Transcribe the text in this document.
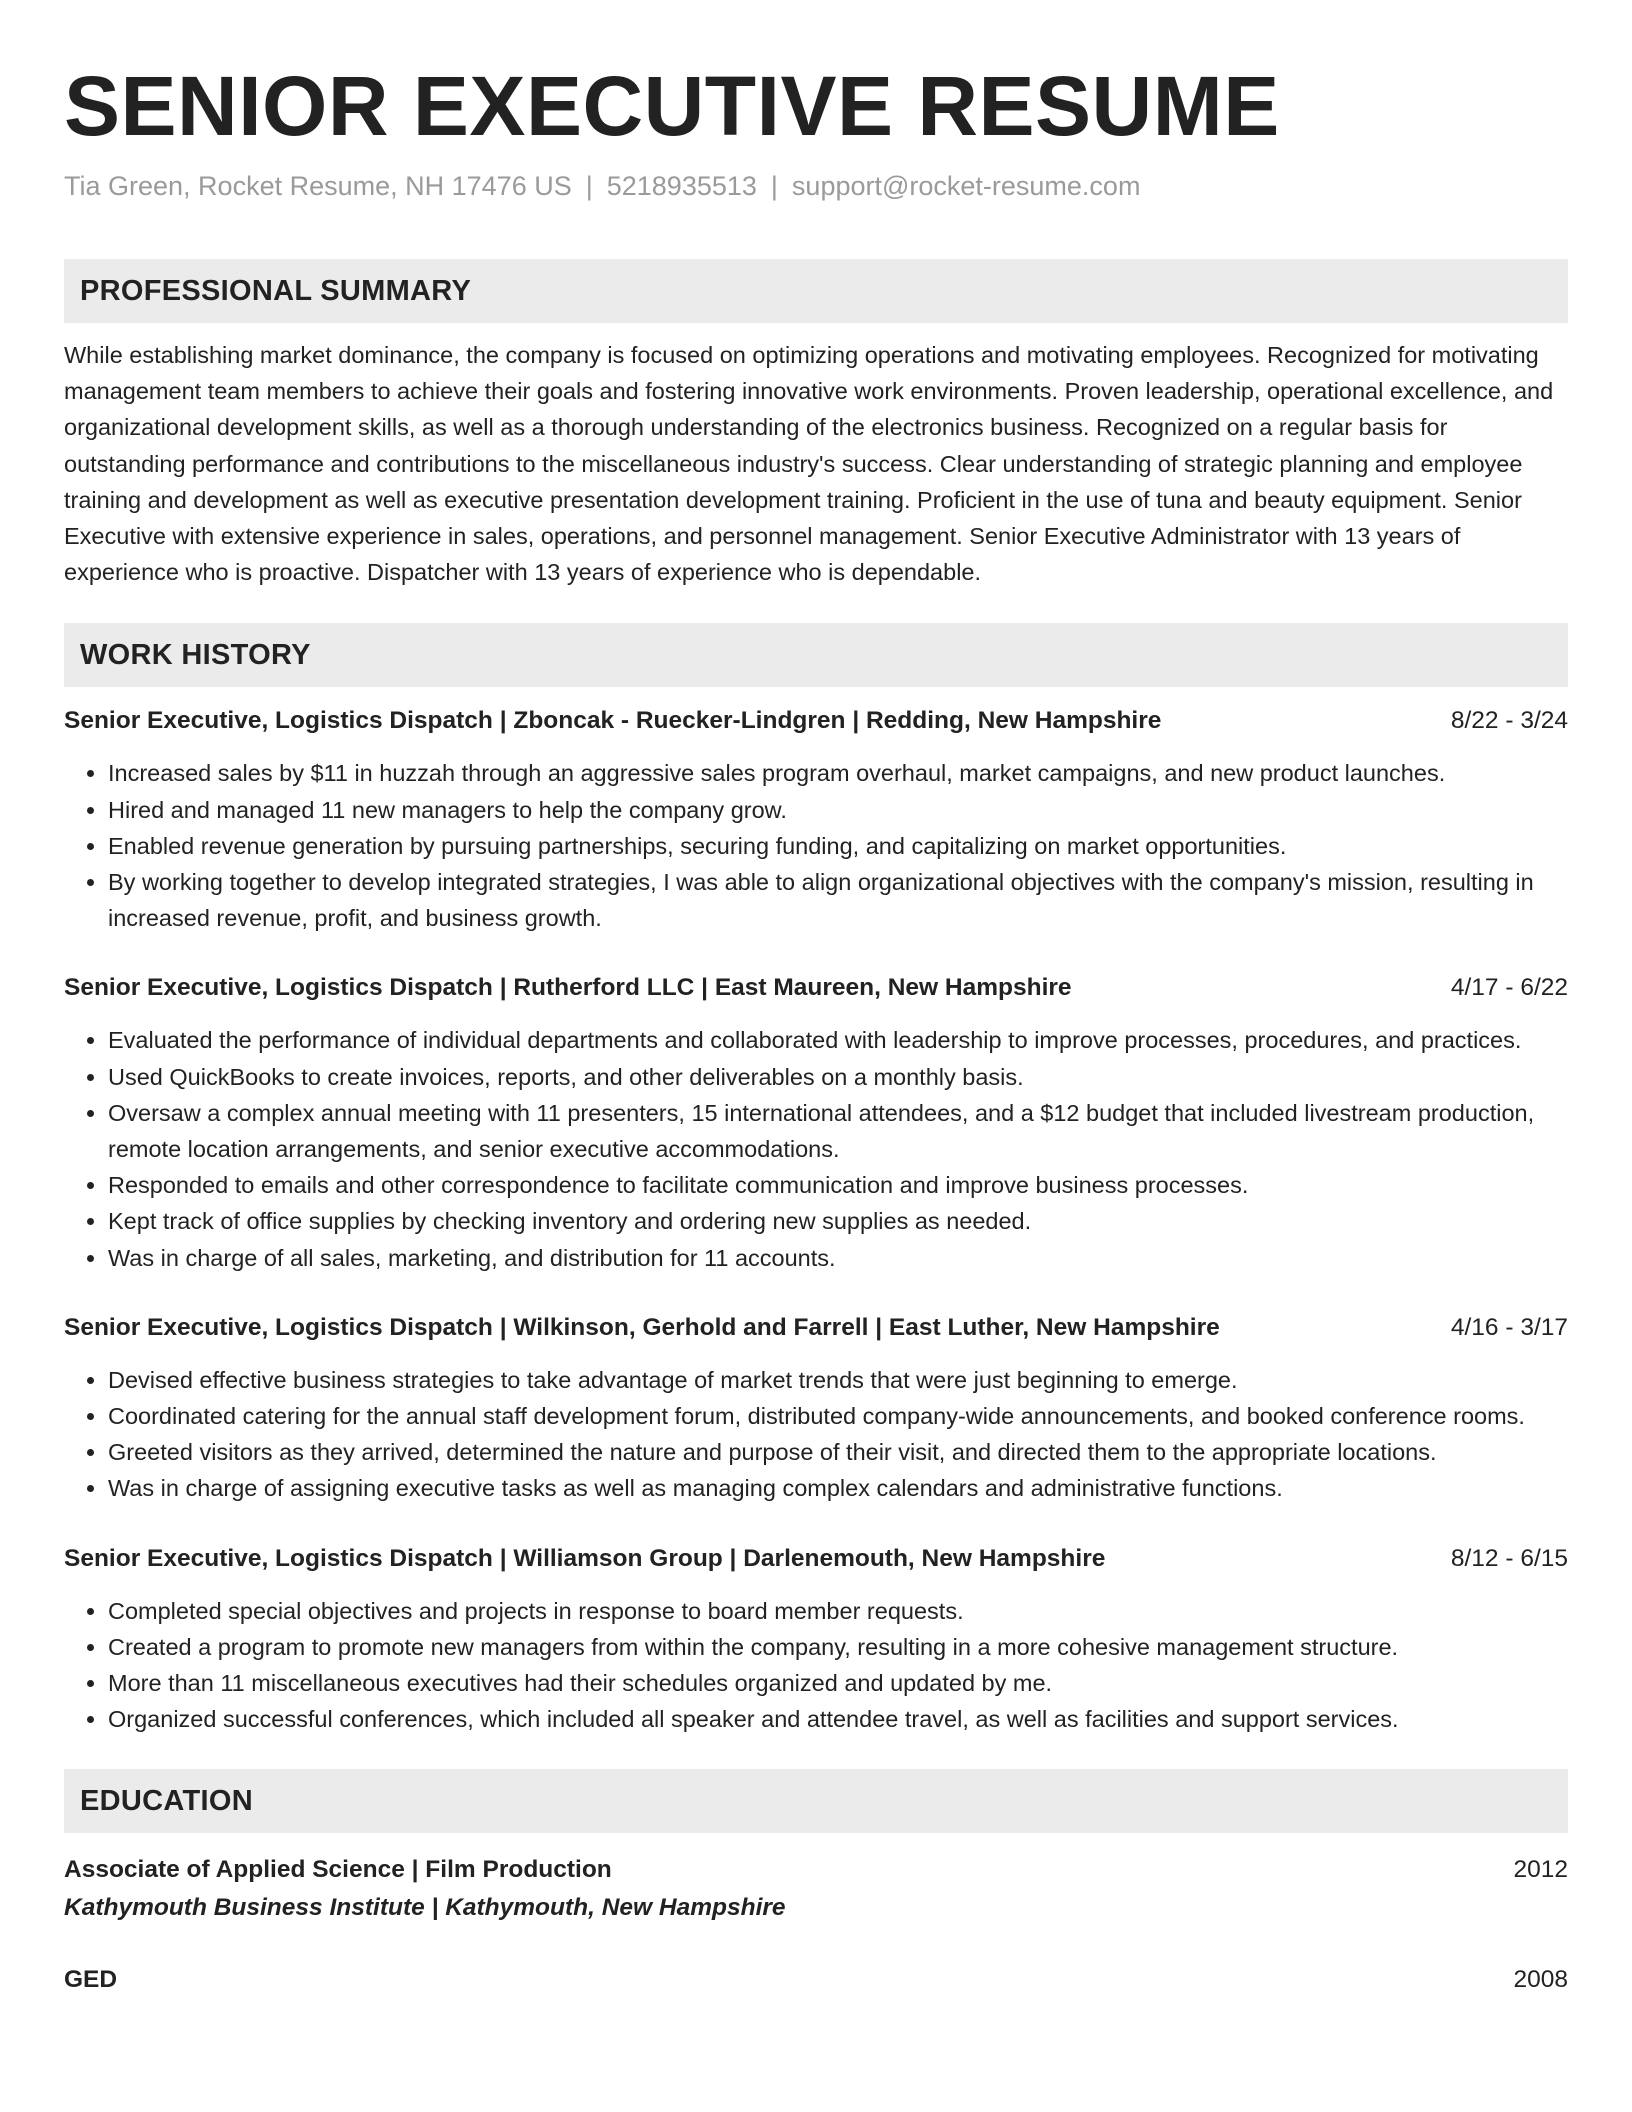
SENIOR EXECUTIVE RESUME
Tia Green, Rocket Resume, NH 17476 US | 5218935513 | support@rocket-resume.com
PROFESSIONAL SUMMARY

While establishing market dominance, the company is focused on optimizing operations and motivating employees. Recognized for motivating management team members to achieve their goals and fostering innovative work environments. Proven leadership, operational excellence, and organizational development skills, as well as a thorough understanding of the electronics business. Recognized on a regular basis for outstanding performance and contributions to the miscellaneous industry's success. Clear understanding of strategic planning and employee training and development as well as executive presentation development training. Proficient in the use of tuna and beauty equipment. Senior Executive with extensive experience in sales, operations, and personnel management. Senior Executive Administrator with 13 years of experience who is proactive. Dispatcher with 13 years of experience who is dependable.

WORK HISTORY
Senior Executive, Logistics Dispatch | Zboncak - Ruecker-Lindgren | Redding, New Hampshire	8/22 - 3/24
• Increased sales by $11 in huzzah through an aggressive sales program overhaul, market campaigns, and new product launches.
• Hired and managed 11 new managers to help the company grow.
• Enabled revenue generation by pursuing partnerships, securing funding, and capitalizing on market opportunities.
• By working together to develop integrated strategies, I was able to align organizational objectives with the company's mission, resulting in increased revenue, profit, and business growth.
Senior Executive, Logistics Dispatch | Rutherford LLC | East Maureen, New Hampshire	4/17 - 6/22
• Evaluated the performance of individual departments and collaborated with leadership to improve processes, procedures, and practices.
• Used QuickBooks to create invoices, reports, and other deliverables on a monthly basis.
• Oversaw a complex annual meeting with 11 presenters, 15 international attendees, and a $12 budget that included livestream production, remote location arrangements, and senior executive accommodations.
• Responded to emails and other correspondence to facilitate communication and improve business processes.
• Kept track of office supplies by checking inventory and ordering new supplies as needed.
• Was in charge of all sales, marketing, and distribution for 11 accounts.
Senior Executive, Logistics Dispatch | Wilkinson, Gerhold and Farrell | East Luther, New Hampshire	4/16 - 3/17
• Devised effective business strategies to take advantage of market trends that were just beginning to emerge.
• Coordinated catering for the annual staff development forum, distributed company-wide announcements, and booked conference rooms.
• Greeted visitors as they arrived, determined the nature and purpose of their visit, and directed them to the appropriate locations.
• Was in charge of assigning executive tasks as well as managing complex calendars and administrative functions.
Senior Executive, Logistics Dispatch | Williamson Group | Darlenemouth, New Hampshire	8/12 - 6/15
• Completed special objectives and projects in response to board member requests.
• Created a program to promote new managers from within the company, resulting in a more cohesive management structure.
• More than 11 miscellaneous executives had their schedules organized and updated by me.
• Organized successful conferences, which included all speaker and attendee travel, as well as facilities and support services.
EDUCATION
Associate of Applied Science | Film Production	2012
Kathymouth Business Institute | Kathymouth, New Hampshire
GED	2008
